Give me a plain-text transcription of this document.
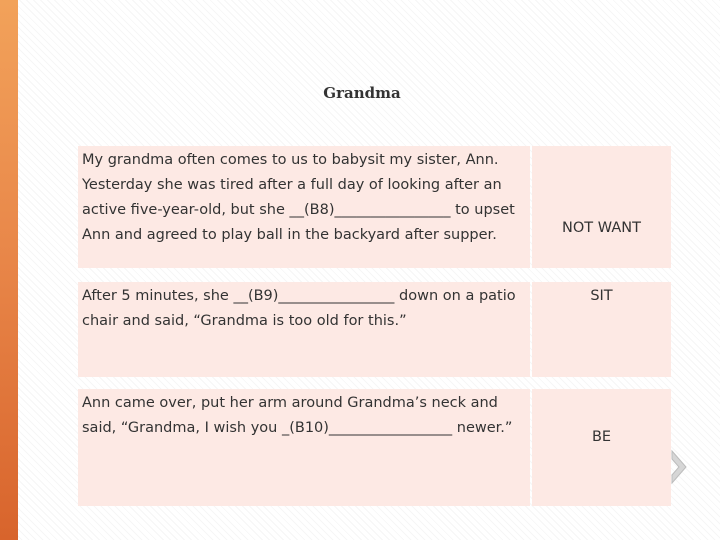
Grandma
My grandma often comes to us to babysit my sister, Ann. Yesterday she was tired after a full day of looking after an active five-year-old, but she __(B8)________________ to upset Ann and agreed to play ball in the backyard after supper.	NOT WANT
After 5 minutes, she __(B9)________________ down on a patio chair and said, “Grandma is too old for this.”
SIT
Ann came over, put her arm around Grandma’s neck and said, “Grandma, I wish you _(B10)_________________ newer.”
BE
